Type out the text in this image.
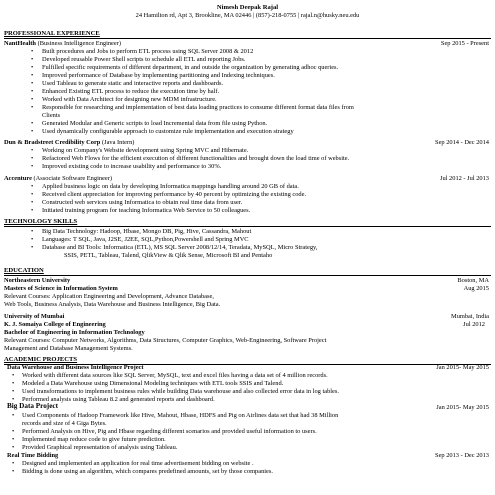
Nimesh Deepak Rajal
24 Hamilton rd, Apt 3, Brookline, MA 02446 | (857)-218-0755 | rajal.n@husky.neu.edu
PROFESSIONAL EXPERIENCE
NantHealth (Business Intelligence Engineer)	Sep 2015 - Present
• Built procedures and Jobs to perform ETL process using SQL Server 2008 & 2012
• Developed reusable Power Shell scripts to schedule all ETL and reporting Jobs.
• Fulfilled specific requirements of different department, in and outside the organization by generating adhoc queries.
• Improved performance of Database by implementing partitioning and Indexing techniques.
• Used Tableau to generate static and interactive reports and dashboards.
• Enhanced Existing ETL process to reduce the execution time by half.
• Worked with Data Architect for designing new MDM infrastructure.
• Responsible for researching and implementation of best data loading practices to consume different format data files from
Clients
• Generated Modular and Generic scripts to load Incremental data from file using Python.
• Used dynamically configurable approach to customize rule implementation and execution strategy
Dun & Bradstreet Credibility Corp (Java Intern)	Sep 2014 - Dec 2014
• Working on Company's Website development using Spring MVC and Hibernate.
• Refactored Web Flows for the efficient execution of different functionalities and brought down the load time of website.
• Improved existing code to increase usability and performance to 30%.
Accenture (Associate Software Engineer)	Jul 2012 - Jul 2013
• Applied business logic on data by developing Informatica mappings handling around 20 GB of data.
• Received client appreciation for improving performance by 40 percent by optimizing the existing code.
• Constructed web services using Informatica to obtain real time data from user.
• Initiated training program for teaching Informatica Web Service to 50 colleagues.
TECHNOLOGY SKILLS
• Big Data Technology: Hadoop, Hbase, Mongo DB, Pig, Hive, Cassandra, Mahout
• Languages: T SQL, Java, J2SE, J2EE, SQL,Python,Powershell and Spring MVC
• Database and BI Tools: Informatica (ETL), MS SQL Server 2008/12/14, Teradata, MySQL, Micro Strategy,
SSIS, PETL, Tableau, Talend, QlikView & Qlik Sense, Microsoft BI and Pentaho
EDUCATION
Northeastern University	Boston, MA
Masters of Science in Information System	Aug 2015
Relevant Courses: Application Engineering and Development, Advance Database,
Web Tools, Business Analysis, Data Warehouse and Business Intelligence, Big Data.
University of Mumbai	Mumbai, India
K. J. Somaiya College of Engineering	Jul 2012
Bachelor of Engineering in Information Technology
Relevant Courses: Computer Networks, Algorithms, Data Structures, Computer Graphics, Web-Engineering, Software Project
Management and Database Management Systems.
ACADEMIC PROJECTS
Data Warehouse and Business Intelligence Project	Jan 2015- May 2015
• Worked with different data sources like SQL Server, MySQL, text and excel files having a data set of 4 million records.
• Modeled a Data Warehouse using Dimensional Modeling techniques with ETL tools SSIS and Talend.
• Used transformations to implement business rules while building Data warehouse and also collected error data in log tables.
• Performed analysis using Tableau 8.2 and generated reports and dashboard.
Big Data Project	Jan 2015- May 2015
• Used Components of Hadoop Framework like Hive, Mahout, Hbase, HDFS and Pig on Airlines data set that had 38 Million
records and size of 4 Giga Bytes.
• Performed Analysis on Hive, Pig and Hbase regarding different scenarios and provided useful information to users.
• Implemented map reduce code to give future prediction.
• Provided Graphical representation of analysis using Tableau.
Real Time Bidding	Sep 2013 - Dec 2013
• Designed and implemented an application for real time advertisement bidding on website .
• Bidding is done using an algorithm, which compares predefined amounts, set by those companies.
